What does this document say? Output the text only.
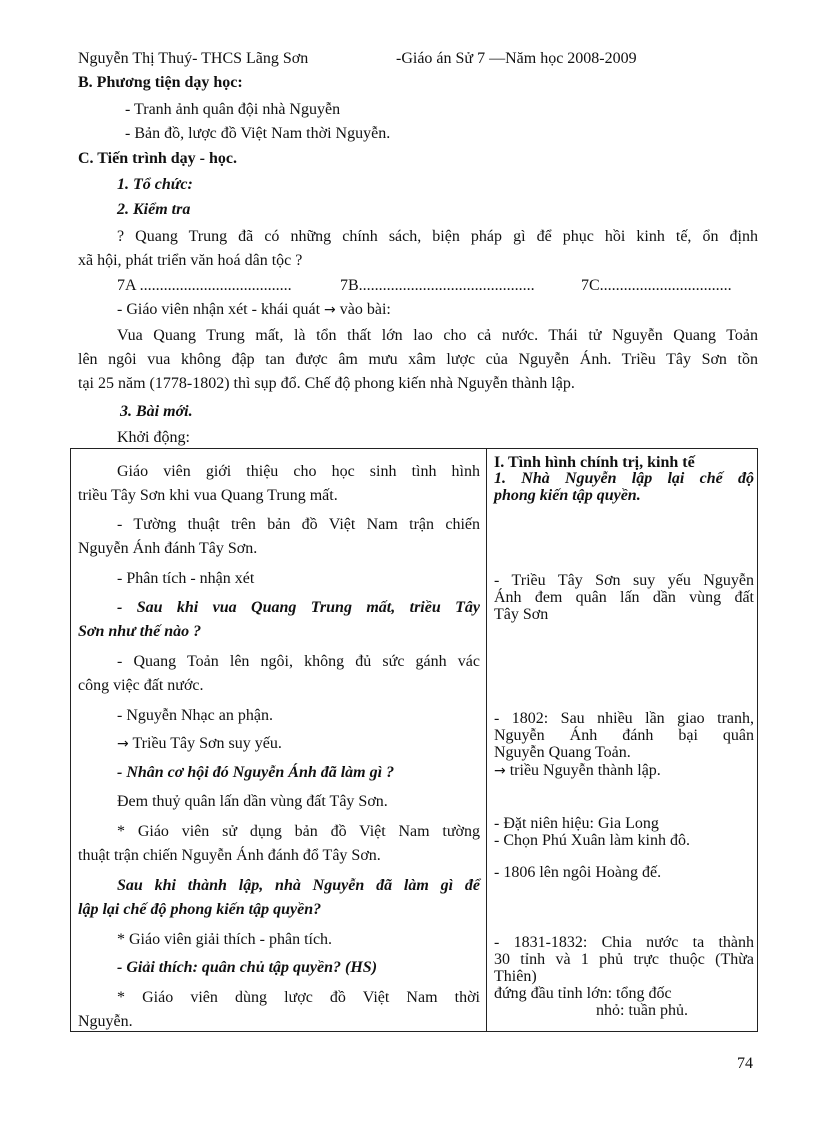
Nguyễn Thị Thuý- THCS Lãng Sơn	-Giáo án Sử 7 —Năm học 2008-2009
B. Phương tiện dạy học:
- Tranh ảnh quân đội nhà Nguyễn
- Bản đồ, lược đồ Việt Nam thời Nguyễn.
C. Tiến trình dạy - học.
1. Tổ chức:
2. Kiểm tra
? Quang Trung đã có những chính sách, biện pháp gì để phục hồi kinh tế, ổn định
xã hội, phát triển văn hoá dân tộc ?
7A ......................................	7B............................................	7C.................................
- Giáo viên nhận xét - khái quát → vào bài:
Vua Quang Trung mất, là tổn thất lớn lao cho cả nước. Thái tử Nguyễn Quang Toản
lên ngôi vua không đập tan được âm mưu xâm lược của Nguyễn Ánh. Triều Tây Sơn tồn
tại 25 năm (1778-1802) thì sụp đổ. Chế độ phong kiến nhà Nguyễn thành lập.
3. Bài mới.
Khởi động:
Giáo viên giới thiệu cho học sinh tình hình
triều Tây Sơn khi vua Quang Trung mất.
- Tường thuật trên bản đồ Việt Nam trận chiến
Nguyễn Ánh đánh Tây Sơn.
- Phân tích - nhận xét
- Sau khi vua Quang Trung mất, triều Tây
Sơn như thế nào ?
- Quang Toản lên ngôi, không đủ sức gánh vác
công việc đất nước.
- Nguyễn Nhạc an phận.
→ Triều Tây Sơn suy yếu.
- Nhân cơ hội đó Nguyễn Ánh đã làm gì ?
Đem thuỷ quân lấn dần vùng đất Tây Sơn.
* Giáo viên sử dụng bản đồ Việt Nam tường
thuật trận chiến Nguyễn Ánh đánh đổ Tây Sơn.
Sau khi thành lập, nhà Nguyễn đã làm gì để
lập lại chế độ phong kiến tập quyền?
* Giáo viên giải thích - phân tích.
- Giải thích: quân chủ tập quyền? (HS)
* Giáo viên dùng lược đồ Việt Nam thời
Nguyễn.
I. Tình hình chính trị, kinh tế
1. Nhà Nguyễn lập lại chế độ
phong kiến tập quyền.
- Triều Tây Sơn suy yếu Nguyễn
Ánh đem quân lấn dần vùng đất
Tây Sơn
- 1802: Sau nhiều lần giao tranh,
Nguyễn Ánh đánh bại quân
Nguyễn Quang Toản.
→ triều Nguyễn thành lập.
- Đặt niên hiệu: Gia Long
- Chọn Phú Xuân làm kinh đô.
- 1806 lên ngôi Hoàng đế.
- 1831-1832: Chia nước ta thành
30 tỉnh và 1 phủ trực thuộc (Thừa
Thiên)
đứng đầu tỉnh lớn: tổng đốc
nhỏ: tuần phủ.
74
